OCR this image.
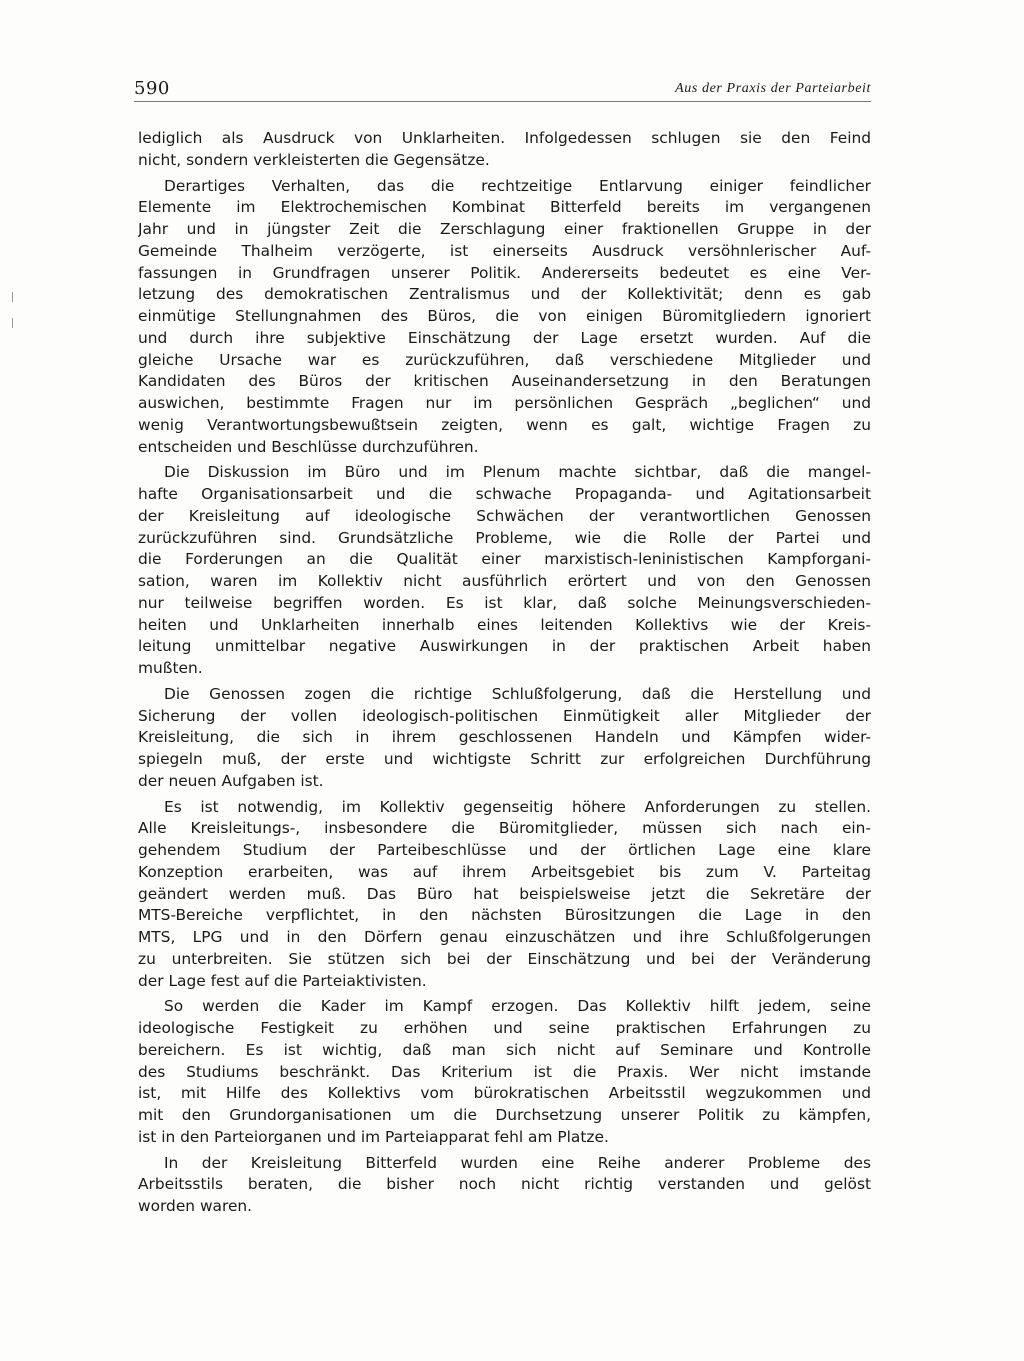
590	Aus der Praxis der Parteiarbeit
lediglich als Ausdruck von Unklarheiten. Infolgedessen schlugen sie den Feind
nicht, sondern verkleisterten die Gegensätze.
Derartiges Verhalten, das die rechtzeitige Entlarvung einiger feindlicher
Elemente im Elektrochemischen Kombinat Bitterfeld bereits im vergangenen
Jahr und in jüngster Zeit die Zerschlagung einer fraktionellen Gruppe in der
Gemeinde Thalheim verzögerte, ist einerseits Ausdruck versöhnlerischer Auf-
fassungen in Grundfragen unserer Politik. Andererseits bedeutet es eine Ver-
letzung des demokratischen Zentralismus und der Kollektivität; denn es gab
einmütige Stellungnahmen des Büros, die von einigen Büromitgliedern ignoriert
und durch ihre subjektive Einschätzung der Lage ersetzt wurden. Auf die
gleiche Ursache war es zurückzuführen, daß verschiedene Mitglieder und
Kandidaten des Büros der kritischen Auseinandersetzung in den Beratungen
auswichen, bestimmte Fragen nur im persönlichen Gespräch „beglichen“ und
wenig Verantwortungsbewußtsein zeigten, wenn es galt, wichtige Fragen zu
entscheiden und Beschlüsse durchzuführen.
Die Diskussion im Büro und im Plenum machte sichtbar, daß die mangel-
hafte Organisationsarbeit und die schwache Propaganda- und Agitationsarbeit
der Kreisleitung auf ideologische Schwächen der verantwortlichen Genossen
zurückzuführen sind. Grundsätzliche Probleme, wie die Rolle der Partei und
die Forderungen an die Qualität einer marxistisch-leninistischen Kampforgani-
sation, waren im Kollektiv nicht ausführlich erörtert und von den Genossen
nur teilweise begriffen worden. Es ist klar, daß solche Meinungsverschieden-
heiten und Unklarheiten innerhalb eines leitenden Kollektivs wie der Kreis-
leitung unmittelbar negative Auswirkungen in der praktischen Arbeit haben
mußten.
Die Genossen zogen die richtige Schlußfolgerung, daß die Herstellung und
Sicherung der vollen ideologisch-politischen Einmütigkeit aller Mitglieder der
Kreisleitung, die sich in ihrem geschlossenen Handeln und Kämpfen wider-
spiegeln muß, der erste und wichtigste Schritt zur erfolgreichen Durchführung
der neuen Aufgaben ist.
Es ist notwendig, im Kollektiv gegenseitig höhere Anforderungen zu stellen.
Alle Kreisleitungs-, insbesondere die Büromitglieder, müssen sich nach ein-
gehendem Studium der Parteibeschlüsse und der örtlichen Lage eine klare
Konzeption erarbeiten, was auf ihrem Arbeitsgebiet bis zum V. Parteitag
geändert werden muß. Das Büro hat beispielsweise jetzt die Sekretäre der
MTS-Bereiche verpflichtet, in den nächsten Bürositzungen die Lage in den
MTS, LPG und in den Dörfern genau einzuschätzen und ihre Schlußfolgerungen
zu unterbreiten. Sie stützen sich bei der Einschätzung und bei der Veränderung
der Lage fest auf die Parteiaktivisten.
So werden die Kader im Kampf erzogen. Das Kollektiv hilft jedem, seine
ideologische Festigkeit zu erhöhen und seine praktischen Erfahrungen zu
bereichern. Es ist wichtig, daß man sich nicht auf Seminare und Kontrolle
des Studiums beschränkt. Das Kriterium ist die Praxis. Wer nicht imstande
ist, mit Hilfe des Kollektivs vom bürokratischen Arbeitsstil wegzukommen und
mit den Grundorganisationen um die Durchsetzung unserer Politik zu kämpfen,
ist in den Parteiorganen und im Parteiapparat fehl am Platze.
In der Kreisleitung Bitterfeld wurden eine Reihe anderer Probleme des
Arbeitsstils beraten, die bisher noch nicht richtig verstanden und gelöst
worden waren.
